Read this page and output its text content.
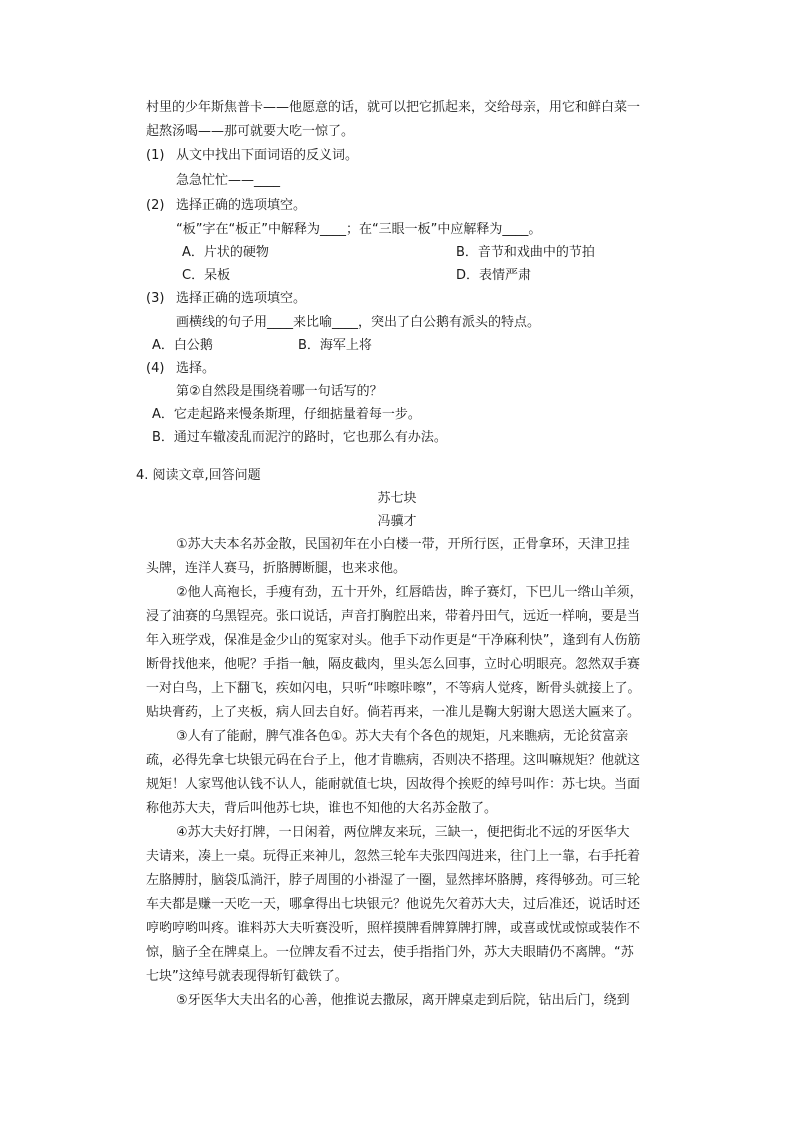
村里的少年斯焦普卡——他愿意的话，就可以把它抓起来，交给母亲，用它和鲜白菜一
起熬汤喝——那可就要大吃一惊了。
(1) 从文中找出下面词语的反义词。
急急忙忙——____
(2) 选择正确的选项填空。
“板”字在“板正”中解释为____；在“三眼一板”中应解释为____。
A．片状的硬物	B．音节和戏曲中的节拍
C．呆板	D．表情严肃
(3) 选择正确的选项填空。
画横线的句子用____来比喻____，突出了白公鹅有派头的特点。
A．白公鹅	B．海军上将
(4) 选择。
第②自然段是围绕着哪一句话写的？
A．它走起路来慢条斯理，仔细掂量着每一步。
B．通过车辙凌乱而泥泞的路时，它也那么有办法。
4. 阅读文章,回答问题
苏七块
冯骥才
①苏大夫本名苏金散，民国初年在小白楼一带，开所行医，正骨拿环，天津卫挂
头牌，连洋人赛马，折胳膊断腿，也来求他。
②他人高袍长，手瘦有劲，五十开外，红唇皓齿，眸子赛灯，下巴儿一绺山羊须，
浸了油赛的乌黑锃亮。张口说话，声音打胸腔出来，带着丹田气，远近一样响，要是当
年入班学戏，保准是金少山的冤家对头。他手下动作更是“干净麻利快”，逢到有人伤筋
断骨找他来，他呢？手指一触，隔皮截肉，里头怎么回事，立时心明眼亮。忽然双手赛
一对白鸟，上下翻飞，疾如闪电，只听“咔嚓咔嚓”，不等病人觉疼，断骨头就接上了。
贴块膏药，上了夹板，病人回去自好。倘若再来，一准儿是鞠大躬谢大恩送大匾来了。
③人有了能耐，脾气准各色①。苏大夫有个各色的规矩，凡来瞧病，无论贫富亲
疏，必得先拿七块银元码在台子上，他才肯瞧病，否则决不搭理。这叫嘛规矩？他就这
规矩！人家骂他认钱不认人，能耐就值七块，因故得个挨贬的绰号叫作：苏七块。当面
称他苏大夫，背后叫他苏七块，谁也不知他的大名苏金散了。
④苏大夫好打牌，一日闲着，两位牌友来玩，三缺一，便把街北不远的牙医华大
夫请来，凑上一桌。玩得正来神儿，忽然三轮车夫张四闯进来，往门上一靠，右手托着
左胳膊肘，脑袋瓜淌汗，脖子周围的小褂湿了一圈，显然摔坏胳膊，疼得够劲。可三轮
车夫都是赚一天吃一天，哪拿得出七块银元？他说先欠着苏大夫，过后准还，说话时还
哼哟哼哟叫疼。谁料苏大夫听赛没听，照样摸牌看牌算牌打牌，或喜或忧或惊或装作不
惊，脑子全在牌桌上。一位牌友看不过去，使手指指门外，苏大夫眼睛仍不离牌。“苏
七块”这绰号就表现得斩钉截铁了。
⑤牙医华大夫出名的心善，他推说去撒尿，离开牌桌走到后院，钻出后门，绕到
